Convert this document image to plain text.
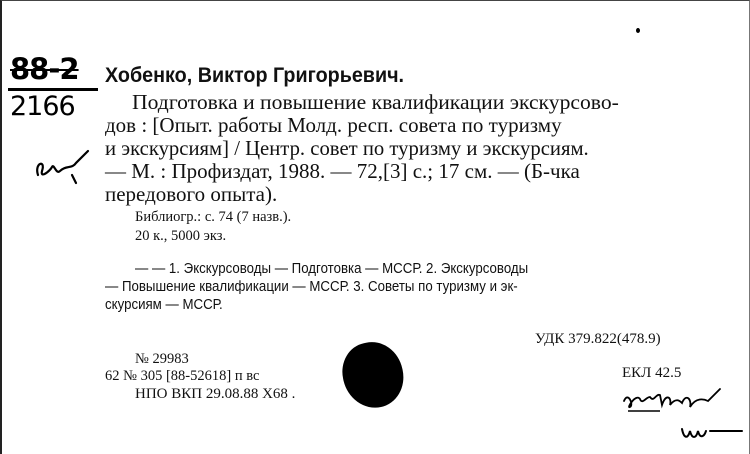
88-2
2166
Хобенко, Виктор Григорьевич.
Подготовка и повышение квалификации экскурсово-
дов : [Опыт. работы Молд. респ. совета по туризму
и экскурсиям] / Центр. совет по туризму и экскурсиям.
— М. : Профиздат, 1988. — 72,[3] с.; 17 см. — (Б-чка
передового опыта).
Библиогр.: с. 74 (7 назв.).
20 к., 5000 экз.
— — 1. Экскурсоводы — Подготовка — МССР. 2. Экскурсоводы
— Повышение квалификации — МССР. 3. Советы по туризму и эк-
скурсиям — МССР.
УДК 379.822(478.9)
№ 29983
62 № 305 [88-52618] п вс
НПО ВКП 29.08.88 Х68 .
ЕКЛ 42.5
